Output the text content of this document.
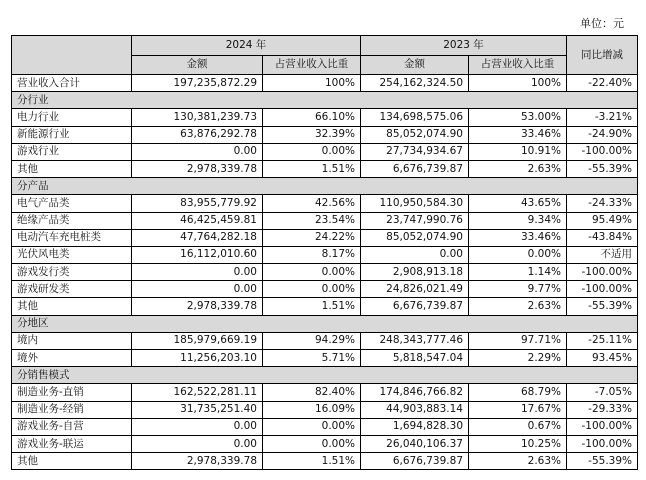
单位：元
	2024 年		2023 年		同比增减
	金额	占营业收入比重	金额	占营业收入比重	
营业收入合计	197,235,872.29	100%	254,162,324.50	100%	-22.40%
分行业					
电力行业	130,381,239.73	66.10%	134,698,575.06	53.00%	-3.21%
新能源行业	63,876,292.78	32.39%	85,052,074.90	33.46%	-24.90%
游戏行业	0.00	0.00%	27,734,934.67	10.91%	-100.00%
其他	2,978,339.78	1.51%	6,676,739.87	2.63%	-55.39%
分产品					
电气产品类	83,955,779.92	42.56%	110,950,584.30	43.65%	-24.33%
绝缘产品类	46,425,459.81	23.54%	23,747,990.76	9.34%	95.49%
电动汽车充电桩类	47,764,282.18	24.22%	85,052,074.90	33.46%	-43.84%
光伏风电类	16,112,010.60	8.17%	0.00	0.00%	不适用
游戏发行类	0.00	0.00%	2,908,913.18	1.14%	-100.00%
游戏研发类	0.00	0.00%	24,826,021.49	9.77%	-100.00%
其他	2,978,339.78	1.51%	6,676,739.87	2.63%	-55.39%
分地区					
境内	185,979,669.19	94.29%	248,343,777.46	97.71%	-25.11%
境外	11,256,203.10	5.71%	5,818,547.04	2.29%	93.45%
分销售模式					
制造业务-直销	162,522,281.11	82.40%	174,846,766.82	68.79%	-7.05%
制造业务-经销	31,735,251.40	16.09%	44,903,883.14	17.67%	-29.33%
游戏业务-自营	0.00	0.00%	1,694,828.30	0.67%	-100.00%
游戏业务-联运	0.00	0.00%	26,040,106.37	10.25%	-100.00%
其他	2,978,339.78	1.51%	6,676,739.87	2.63%	-55.39%
